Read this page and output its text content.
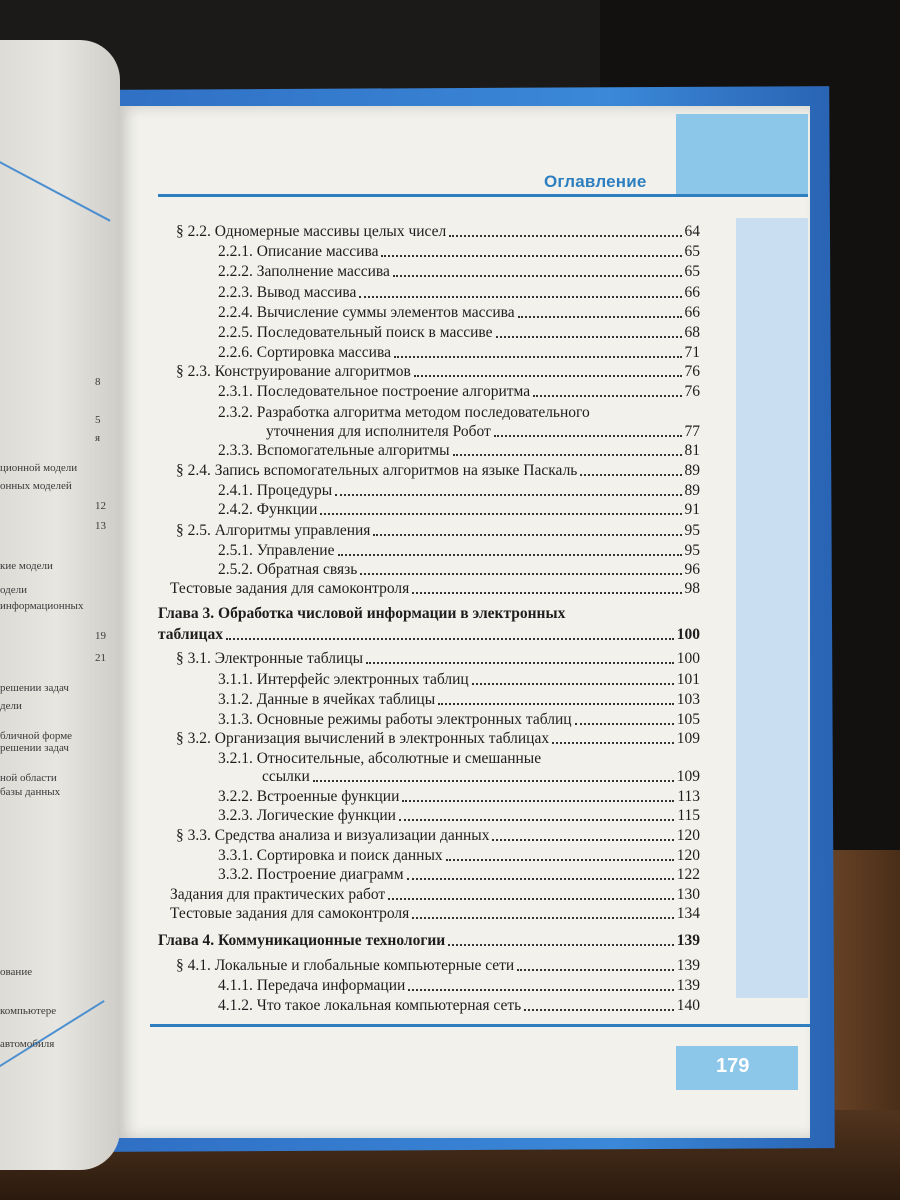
8
5
я
ционной модели
онных моделей
12
13
кие модели
одели
информационных
19
21
решении задач
дели
бличной форме
решении задач
ной области
базы данных
ование
компьютере
автомобиля
Оглавление
§ 2.2. Одномерные массивы целых чисел	64
2.2.1. Описание массива	65
2.2.2. Заполнение массива	65
2.2.3. Вывод массива	66
2.2.4. Вычисление суммы элементов массива	66
2.2.5. Последовательный поиск в массиве	68
2.2.6. Сортировка массива	71
§ 2.3. Конструирование алгоритмов	76
2.3.1. Последовательное построение алгоритма	76
2.3.2. Разработка алгоритма методом последовательного
уточнения для исполнителя Робот	77
2.3.3. Вспомогательные алгоритмы	81
§ 2.4. Запись вспомогательных алгоритмов на языке Паскаль	89
2.4.1. Процедуры	89
2.4.2. Функции	91
§ 2.5. Алгоритмы управления	95
2.5.1. Управление	95
2.5.2. Обратная связь	96
Тестовые задания для самоконтроля	98
Глава 3. Обработка числовой информации в электронных
таблицах	100
§ 3.1. Электронные таблицы	100
3.1.1. Интерфейс электронных таблиц	101
3.1.2. Данные в ячейках таблицы	103
3.1.3. Основные режимы работы электронных таблиц	105
§ 3.2. Организация вычислений в электронных таблицах	109
3.2.1. Относительные, абсолютные и смешанные
ссылки	109
3.2.2. Встроенные функции	113
3.2.3. Логические функции	115
§ 3.3. Средства анализа и визуализации данных	120
3.3.1. Сортировка и поиск данных	120
3.3.2. Построение диаграмм	122
Задания для практических работ	130
Тестовые задания для самоконтроля	134
Глава 4. Коммуникационные технологии	139
§ 4.1. Локальные и глобальные компьютерные сети	139
4.1.1. Передача информации	139
4.1.2. Что такое локальная компьютерная сеть	140
179
